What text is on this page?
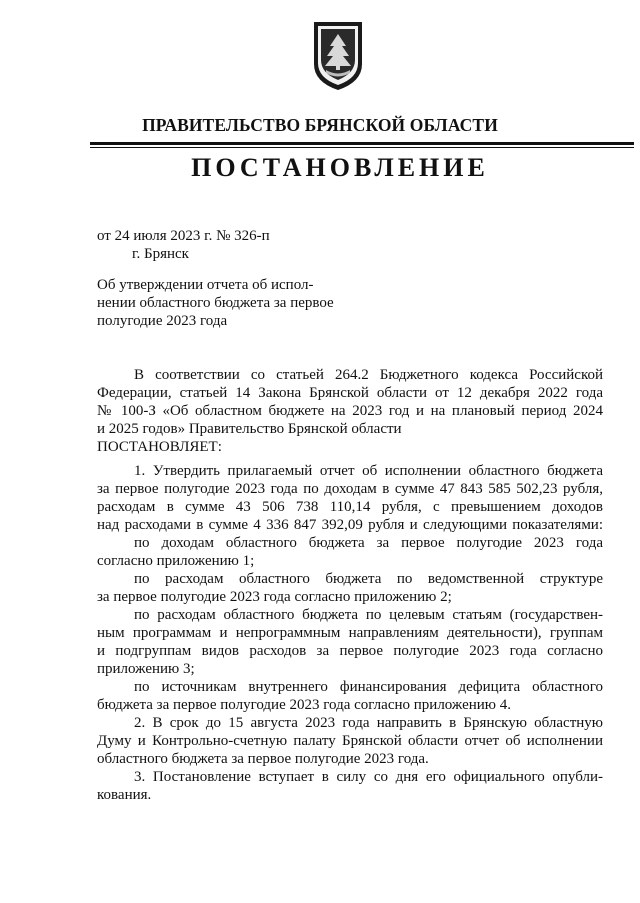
ПРАВИТЕЛЬСТВО БРЯНСКОЙ ОБЛАСТИ
ПОСТАНОВЛЕНИЕ
от 24 июля 2023 г. № 326-п
г. Брянск
Об утверждении отчета об испол-
нении областного бюджета за первое
полугодие 2023 года
В соответствии со статьей 264.2 Бюджетного кодекса Российской
Федерации, статьей 14 Закона Брянской области от 12 декабря 2022 года
№ 100-З «Об областном бюджете на 2023 год и на плановый период 2024
и 2025 годов» Правительство Брянской области
ПОСТАНОВЛЯЕТ:
1. Утвердить прилагаемый отчет об исполнении областного бюджета
за первое полугодие 2023 года по доходам в сумме 47 843 585 502,23 рубля,
расходам в сумме 43 506 738 110,14 рубля, с превышением доходов
над расходами в сумме 4 336 847 392,09 рубля и следующими показателями:
по доходам областного бюджета за первое полугодие 2023 года
согласно приложению 1;
по расходам областного бюджета по ведомственной структуре
за первое полугодие 2023 года согласно приложению 2;
по расходам областного бюджета по целевым статьям (государствен-
ным программам и непрограммным направлениям деятельности), группам
и подгруппам видов расходов за первое полугодие 2023 года согласно
приложению 3;
по источникам внутреннего финансирования дефицита областного
бюджета за первое полугодие 2023 года согласно приложению 4.
2. В срок до 15 августа 2023 года направить в Брянскую областную
Думу и Контрольно-счетную палату Брянской области отчет об исполнении
областного бюджета за первое полугодие 2023 года.
3. Постановление вступает в силу со дня его официального опубли-
кования.
